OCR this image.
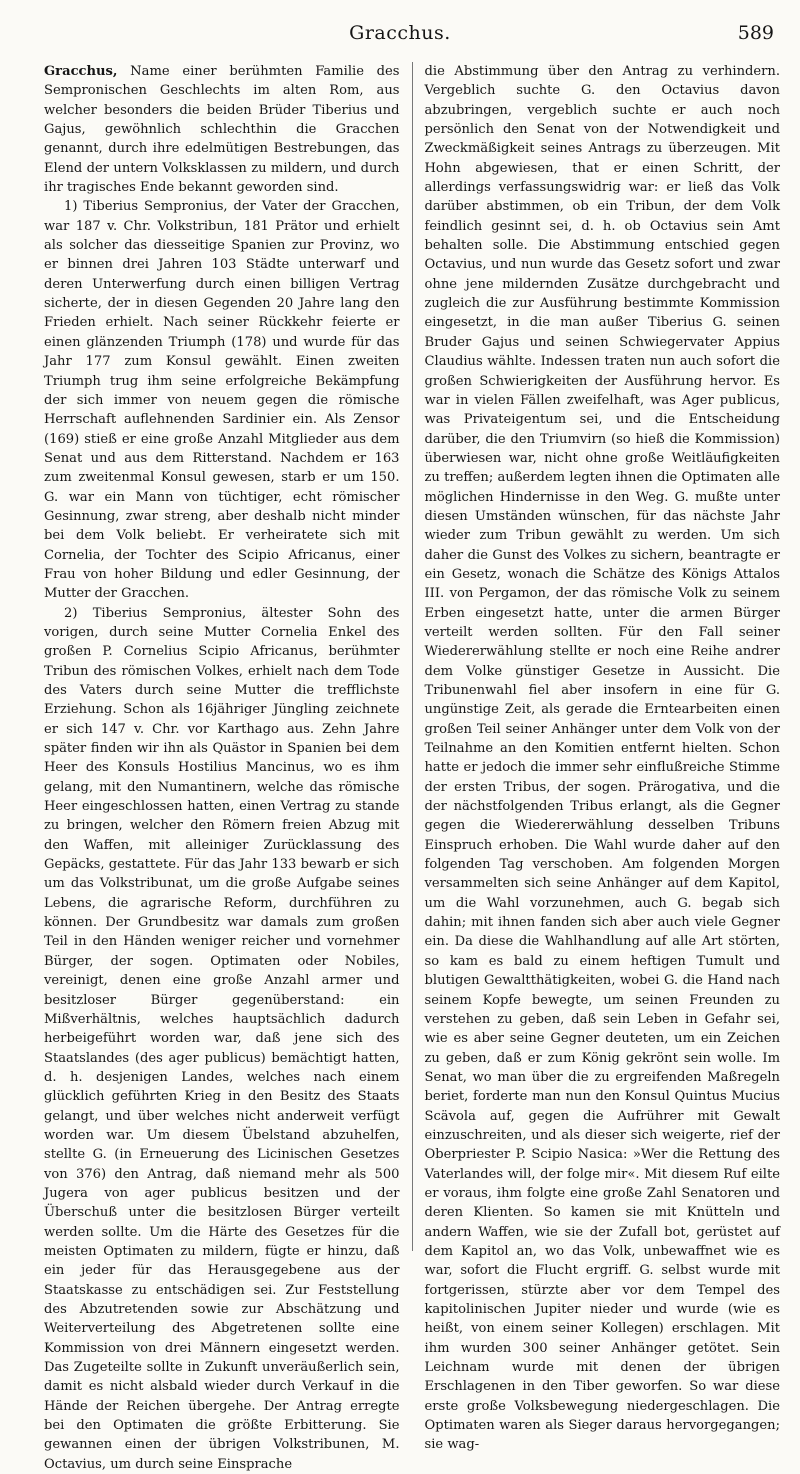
Gracchus.	589

Gracchus, Name einer berühmten Familie des Sempronischen Geschlechts im alten Rom, aus welcher besonders die beiden Brüder Tiberius und Gajus, gewöhnlich schlechthin die Gracchen genannt, durch ihre edelmütigen Bestrebungen, das Elend der untern Volksklassen zu mildern, und durch ihr tragisches Ende bekannt geworden sind.

1) Tiberius Sempronius, der Vater der Gracchen, war 187 v. Chr. Volkstribun, 181 Prätor und erhielt als solcher das diesseitige Spanien zur Provinz, wo er binnen drei Jahren 103 Städte unterwarf und deren Unterwerfung durch einen billigen Vertrag sicherte, der in diesen Gegenden 20 Jahre lang den Frieden erhielt. Nach seiner Rückkehr feierte er einen glänzenden Triumph (178) und wurde für das Jahr 177 zum Konsul gewählt. Einen zweiten Triumph trug ihm seine erfolgreiche Bekämpfung der sich immer von neuem gegen die römische Herrschaft auflehnenden Sardinier ein. Als Zensor (169) stieß er eine große Anzahl Mitglieder aus dem Senat und aus dem Ritterstand. Nachdem er 163 zum zweitenmal Konsul gewesen, starb er um 150. G. war ein Mann von tüchtiger, echt römischer Gesinnung, zwar streng, aber deshalb nicht minder bei dem Volk beliebt. Er verheiratete sich mit Cornelia, der Tochter des Scipio Africanus, einer Frau von hoher Bildung und edler Gesinnung, der Mutter der Gracchen.

2) Tiberius Sempronius, ältester Sohn des vorigen, durch seine Mutter Cornelia Enkel des großen P. Cornelius Scipio Africanus, berühmter Tribun des römischen Volkes, erhielt nach dem Tode des Vaters durch seine Mutter die trefflichste Erziehung. Schon als 16jähriger Jüngling zeichnete er sich 147 v. Chr. vor Karthago aus. Zehn Jahre später finden wir ihn als Quästor in Spanien bei dem Heer des Konsuls Hostilius Mancinus, wo es ihm gelang, mit den Numantinern, welche das römische Heer eingeschlossen hatten, einen Vertrag zu stande zu bringen, welcher den Römern freien Abzug mit den Waffen, mit alleiniger Zurücklassung des Gepäcks, gestattete. Für das Jahr 133 bewarb er sich um das Volkstribunat, um die große Aufgabe seines Lebens, die agrarische Reform, durchführen zu können. Der Grundbesitz war damals zum großen Teil in den Händen weniger reicher und vornehmer Bürger, der sogen. Optimaten oder Nobiles, vereinigt, denen eine große Anzahl armer und besitzloser Bürger gegenüberstand: ein Mißverhältnis, welches hauptsächlich dadurch herbeigeführt worden war, daß jene sich des Staatslandes (des ager publicus) bemächtigt hatten, d. h. desjenigen Landes, welches nach einem glücklich geführten Krieg in den Besitz des Staats gelangt, und über welches nicht anderweit verfügt worden war. Um diesem Übelstand abzuhelfen, stellte G. (in Erneuerung des Licinischen Gesetzes von 376) den Antrag, daß niemand mehr als 500 Jugera von ager publicus besitzen und der Überschuß unter die besitzlosen Bürger verteilt werden sollte. Um die Härte des Gesetzes für die meisten Optimaten zu mildern, fügte er hinzu, daß ein jeder für das Herausgegebene aus der Staatskasse zu entschädigen sei. Zur Feststellung des Abzutretenden sowie zur Abschätzung und Weiterverteilung des Abgetretenen sollte eine Kommission von drei Männern eingesetzt werden. Das Zugeteilte sollte in Zukunft unveräußerlich sein, damit es nicht alsbald wieder durch Verkauf in die Hände der Reichen übergehe. Der Antrag erregte bei den Optimaten die größte Erbitterung. Sie gewannen einen der übrigen Volkstribunen, M. Octavius, um durch seine Einsprache

die Abstimmung über den Antrag zu verhindern. Vergeblich suchte G. den Octavius davon abzubringen, vergeblich suchte er auch noch persönlich den Senat von der Notwendigkeit und Zweckmäßigkeit seines Antrags zu überzeugen. Mit Hohn abgewiesen, that er einen Schritt, der allerdings verfassungswidrig war: er ließ das Volk darüber abstimmen, ob ein Tribun, der dem Volk feindlich gesinnt sei, d. h. ob Octavius sein Amt behalten solle. Die Abstimmung entschied gegen Octavius, und nun wurde das Gesetz sofort und zwar ohne jene mildernden Zusätze durchgebracht und zugleich die zur Ausführung bestimmte Kommission eingesetzt, in die man außer Tiberius G. seinen Bruder Gajus und seinen Schwiegervater Appius Claudius wählte. Indessen traten nun auch sofort die großen Schwierigkeiten der Ausführung hervor. Es war in vielen Fällen zweifelhaft, was Ager publicus, was Privateigentum sei, und die Entscheidung darüber, die den Triumvirn (so hieß die Kommission) überwiesen war, nicht ohne große Weitläufigkeiten zu treffen; außerdem legten ihnen die Optimaten alle möglichen Hindernisse in den Weg. G. mußte unter diesen Umständen wünschen, für das nächste Jahr wieder zum Tribun gewählt zu werden. Um sich daher die Gunst des Volkes zu sichern, beantragte er ein Gesetz, wonach die Schätze des Königs Attalos III. von Pergamon, der das römische Volk zu seinem Erben eingesetzt hatte, unter die armen Bürger verteilt werden sollten. Für den Fall seiner Wiedererwählung stellte er noch eine Reihe andrer dem Volke günstiger Gesetze in Aussicht. Die Tribunenwahl fiel aber insofern in eine für G. ungünstige Zeit, als gerade die Erntearbeiten einen großen Teil seiner Anhänger unter dem Volk von der Teilnahme an den Komitien entfernt hielten. Schon hatte er jedoch die immer sehr einflußreiche Stimme der ersten Tribus, der sogen. Prärogativa, und die der nächstfolgenden Tribus erlangt, als die Gegner gegen die Wiedererwählung desselben Tribuns Einspruch erhoben. Die Wahl wurde daher auf den folgenden Tag verschoben. Am folgenden Morgen versammelten sich seine Anhänger auf dem Kapitol, um die Wahl vorzunehmen, auch G. begab sich dahin; mit ihnen fanden sich aber auch viele Gegner ein. Da diese die Wahlhandlung auf alle Art störten, so kam es bald zu einem heftigen Tumult und blutigen Gewaltthätigkeiten, wobei G. die Hand nach seinem Kopfe bewegte, um seinen Freunden zu verstehen zu geben, daß sein Leben in Gefahr sei, wie es aber seine Gegner deuteten, um ein Zeichen zu geben, daß er zum König gekrönt sein wolle. Im Senat, wo man über die zu ergreifenden Maßregeln beriet, forderte man nun den Konsul Quintus Mucius Scävola auf, gegen die Aufrührer mit Gewalt einzuschreiten, und als dieser sich weigerte, rief der Oberpriester P. Scipio Nasica: »Wer die Rettung des Vaterlandes will, der folge mir«. Mit diesem Ruf eilte er voraus, ihm folgte eine große Zahl Senatoren und deren Klienten. So kamen sie mit Knütteln und andern Waffen, wie sie der Zufall bot, gerüstet auf dem Kapitol an, wo das Volk, unbewaffnet wie es war, sofort die Flucht ergriff. G. selbst wurde mit fortgerissen, stürzte aber vor dem Tempel des kapitolinischen Jupiter nieder und wurde (wie es heißt, von einem seiner Kollegen) erschlagen. Mit ihm wurden 300 seiner Anhänger getötet. Sein Leichnam wurde mit denen der übrigen Erschlagenen in den Tiber geworfen. So war diese erste große Volksbewegung niedergeschlagen. Die Optimaten waren als Sieger daraus hervorgegangen; sie wag-
